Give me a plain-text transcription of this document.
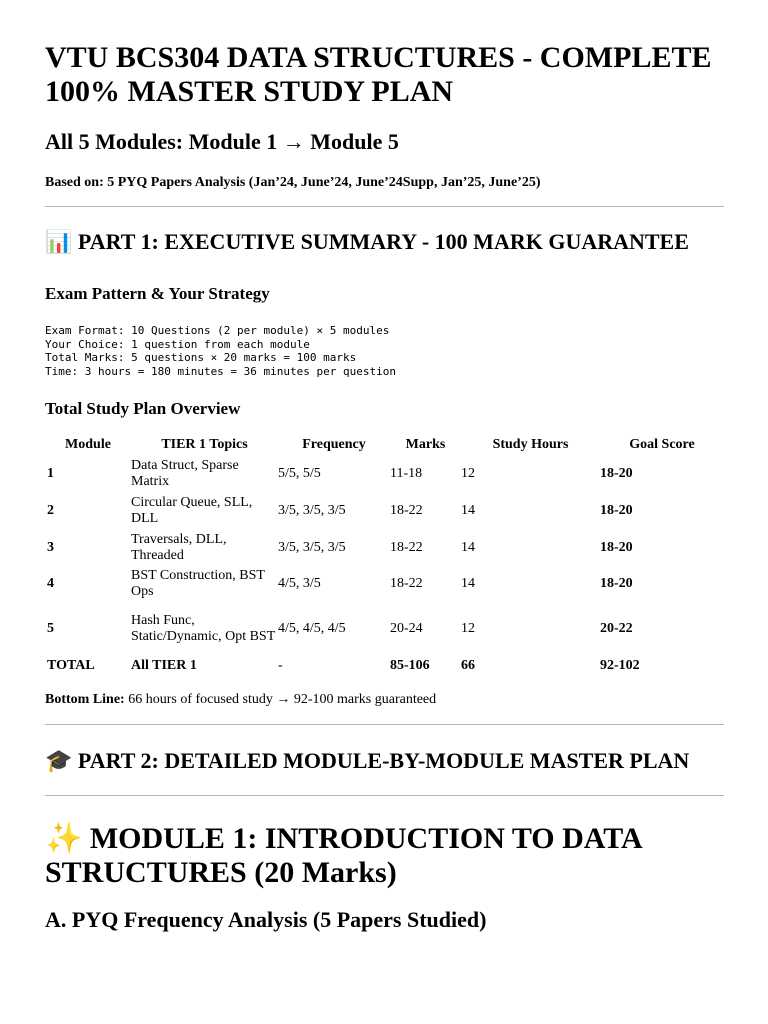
VTU BCS304 DATA STRUCTURES - COMPLETE 100% MASTER STUDY PLAN

All 5 Modules: Module 1 → Module 5

Based on: 5 PYQ Papers Analysis (Jan’24, June’24, June’24Supp, Jan’25, June’25)

📊 PART 1: EXECUTIVE SUMMARY - 100 MARK GUARANTEE
Exam Pattern & Your Strategy
Exam Format: 10 Questions (2 per module) × 5 modules
Your Choice: 1 question from each module
Total Marks: 5 questions × 20 marks = 100 marks
Time: 3 hours = 180 minutes = 36 minutes per question
Total Study Plan Overview
Module	TIER 1 Topics	Frequency	Marks	Study Hours	Goal Score
1	Data Struct, Sparse Matrix	5/5, 5/5	11-18	12	18-20
2	Circular Queue, SLL, DLL	3/5, 3/5, 3/5	18-22	14	18-20
3	Traversals, DLL, Threaded	3/5, 3/5, 3/5	18-22	14	18-20
4	BST Construction, BST Ops	4/5, 3/5	18-22	14	18-20
5	Hash Func, Static/Dynamic, Opt BST	4/5, 4/5, 4/5	20-24	12	20-22
TOTAL	All TIER 1	-	85-106	66	92-102

Bottom Line: 66 hours of focused study → 92-100 marks guaranteed

🎓 PART 2: DETAILED MODULE-BY-MODULE MASTER PLAN
✨ MODULE 1: INTRODUCTION TO DATA STRUCTURES (20 Marks)

A. PYQ Frequency Analysis (5 Papers Studied)
